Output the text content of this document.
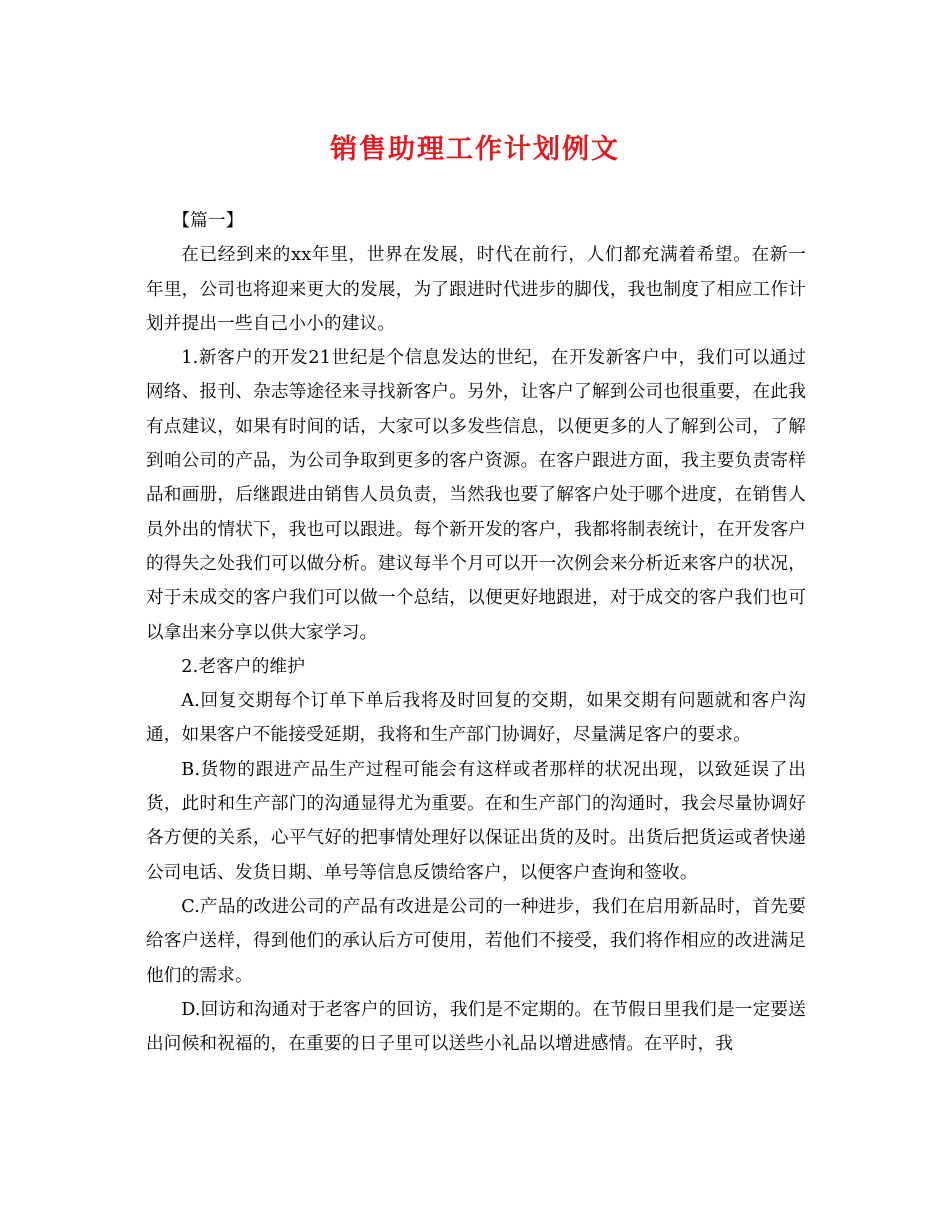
销售助理工作计划例文

【篇一】

在已经到来的xx年里，世界在发展，时代在前行，人们都充满着希望。在新一年里，公司也将迎来更大的发展，为了跟进时代进步的脚伐，我也制度了相应工作计划并提出一些自己小小的建议。

1.新客户的开发21世纪是个信息发达的世纪，在开发新客户中，我们可以通过网络、报刊、杂志等途径来寻找新客户。另外，让客户了解到公司也很重要，在此我有点建议，如果有时间的话，大家可以多发些信息，以便更多的人了解到公司，了解到咱公司的产品，为公司争取到更多的客户资源。在客户跟进方面，我主要负责寄样品和画册，后继跟进由销售人员负责，当然我也要了解客户处于哪个进度，在销售人员外出的情状下，我也可以跟进。每个新开发的客户，我都将制表统计，在开发客户的得失之处我们可以做分析。建议每半个月可以开一次例会来分析近来客户的状况，对于未成交的客户我们可以做一个总结，以便更好地跟进，对于成交的客户我们也可以拿出来分享以供大家学习。

2.老客户的维护

A.回复交期每个订单下单后我将及时回复的交期，如果交期有问题就和客户沟通，如果客户不能接受延期，我将和生产部门协调好，尽量满足客户的要求。

B.货物的跟进产品生产过程可能会有这样或者那样的状况出现，以致延误了出货，此时和生产部门的沟通显得尤为重要。在和生产部门的沟通时，我会尽量协调好各方便的关系，心平气好的把事情处理好以保证出货的及时。出货后把货运或者快递公司电话、发货日期、单号等信息反馈给客户，以便客户查询和签收。

C.产品的改进公司的产品有改进是公司的一种进步，我们在启用新品时，首先要给客户送样，得到他们的承认后方可使用，若他们不接受，我们将作相应的改进满足他们的需求。

D.回访和沟通对于老客户的回访，我们是不定期的。在节假日里我们是一定要送出问候和祝福的，在重要的日子里可以送些小礼品以增进感情。在平时，我
